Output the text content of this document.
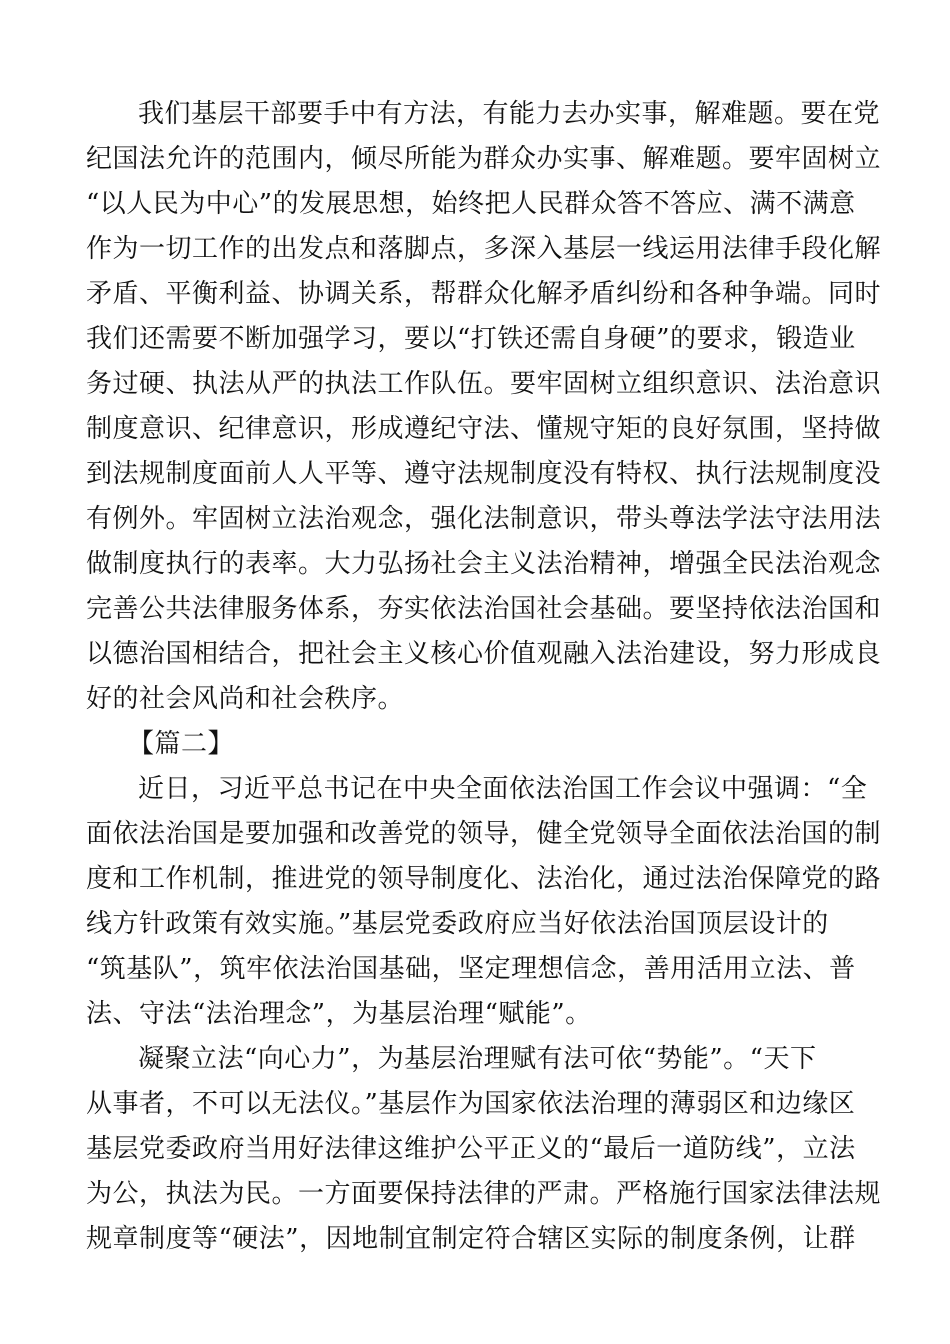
我们基层干部要手中有方法，有能力去办实事，解难题。要在党
纪国法允许的范围内，倾尽所能为群众办实事、解难题。要牢固树立
“以人民为中心”的发展思想，始终把人民群众答不答应、满不满意
作为一切工作的出发点和落脚点，多深入基层一线运用法律手段化解
矛盾、平衡利益、协调关系，帮群众化解矛盾纠纷和各种争端。同时
我们还需要不断加强学习，要以“打铁还需自身硬”的要求，锻造业
务过硬、执法从严的执法工作队伍。要牢固树立组织意识、法治意识
制度意识、纪律意识，形成遵纪守法、懂规守矩的良好氛围，坚持做
到法规制度面前人人平等、遵守法规制度没有特权、执行法规制度没
有例外。牢固树立法治观念，强化法制意识，带头尊法学法守法用法
做制度执行的表率。大力弘扬社会主义法治精神，增强全民法治观念
完善公共法律服务体系，夯实依法治国社会基础。要坚持依法治国和
以德治国相结合，把社会主义核心价值观融入法治建设，努力形成良
好的社会风尚和社会秩序。
【篇二】
近日，习近平总书记在中央全面依法治国工作会议中强调：“全
面依法治国是要加强和改善党的领导，健全党领导全面依法治国的制
度和工作机制，推进党的领导制度化、法治化，通过法治保障党的路
线方针政策有效实施。”基层党委政府应当好依法治国顶层设计的
“筑基队”，筑牢依法治国基础，坚定理想信念，善用活用立法、普
法、守法“法治理念”，为基层治理“赋能”。
凝聚立法“向心力”，为基层治理赋有法可依“势能”。“天下
从事者，不可以无法仪。”基层作为国家依法治理的薄弱区和边缘区
基层党委政府当用好法律这维护公平正义的“最后一道防线”，立法
为公，执法为民。一方面要保持法律的严肃。严格施行国家法律法规
规章制度等“硬法”，因地制宜制定符合辖区实际的制度条例，让群
